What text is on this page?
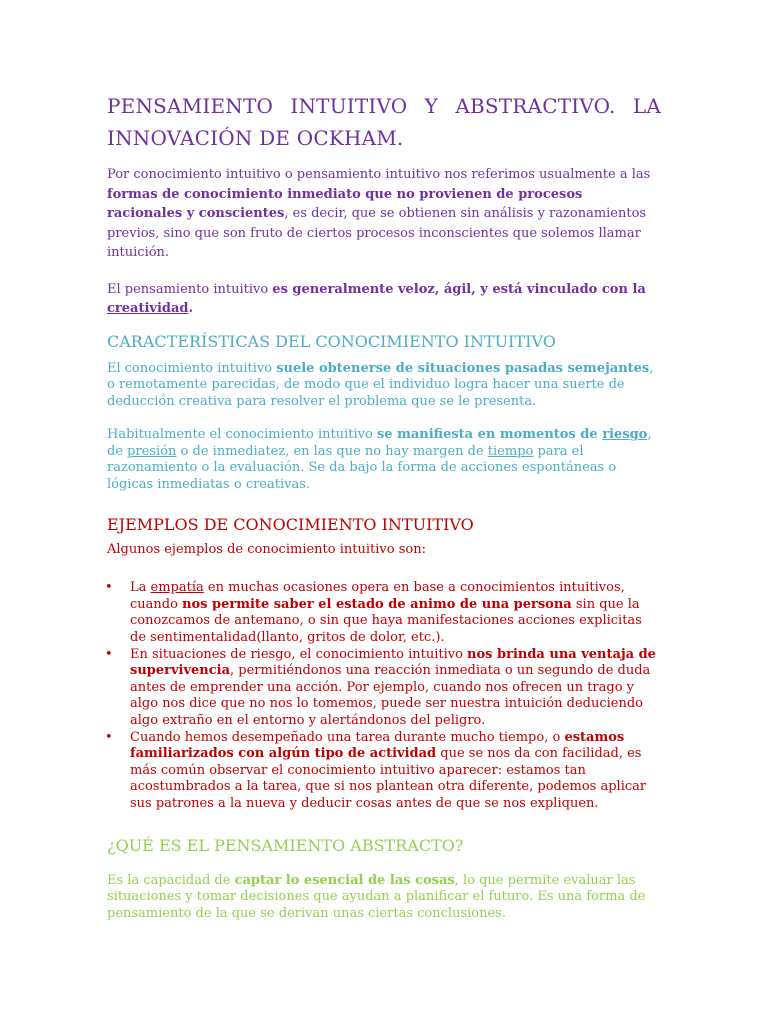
PENSAMIENTO INTUITIVO Y ABSTRACTIVO. LA INNOVACIÓN DE OCKHAM.

Por conocimiento intuitivo o pensamiento intuitivo nos referimos usualmente a las formas de conocimiento inmediato que no provienen de procesos racionales y conscientes, es decir, que se obtienen sin análisis y razonamientos previos, sino que son fruto de ciertos procesos inconscientes que solemos llamar intuición.

El pensamiento intuitivo es generalmente veloz, ágil, y está vinculado con la creatividad.

CARACTERÍSTICAS DEL CONOCIMIENTO INTUITIVO

El conocimiento intuitivo suele obtenerse de situaciones pasadas semejantes, o remotamente parecidas, de modo que el individuo logra hacer una suerte de deducción creativa para resolver el problema que se le presenta.

Habitualmente el conocimiento intuitivo se manifiesta en momentos de riesgo, de presión o de inmediatez, en las que no hay margen de tiempo para el razonamiento o la evaluación. Se da bajo la forma de acciones espontáneas o lógicas inmediatas o creativas.

EJEMPLOS DE CONOCIMIENTO INTUITIVO

Algunos ejemplos de conocimiento intuitivo son:

• La empatía en muchas ocasiones opera en base a conocimientos intuitivos, cuando nos permite saber el estado de animo de una persona sin que la conozcamos de antemano, o sin que haya manifestaciones acciones explicitas de sentimentalidad(llanto, gritos de dolor, etc.).
• En situaciones de riesgo, el conocimiento intuitivo nos brinda una ventaja de supervivencia, permitiéndonos una reacción inmediata o un segundo de duda antes de emprender una acción. Por ejemplo, cuando nos ofrecen un trago y algo nos dice que no nos lo tomemos, puede ser nuestra intuición deduciendo algo extraño en el entorno y alertándonos del peligro.
• Cuando hemos desempeñado una tarea durante mucho tiempo, o estamos familiarizados con algún tipo de actividad que se nos da con facilidad, es más común observar el conocimiento intuitivo aparecer: estamos tan acostumbrados a la tarea, que si nos plantean otra diferente, podemos aplicar sus patrones a la nueva y deducir cosas antes de que se nos expliquen.
¿QUÉ ES EL PENSAMIENTO ABSTRACTO?

Es la capacidad de captar lo esencial de las cosas, lo que permite evaluar las situaciones y tomar decisiones que ayudan a planificar el futuro. Es una forma de pensamiento de la que se derivan unas ciertas conclusiones.
